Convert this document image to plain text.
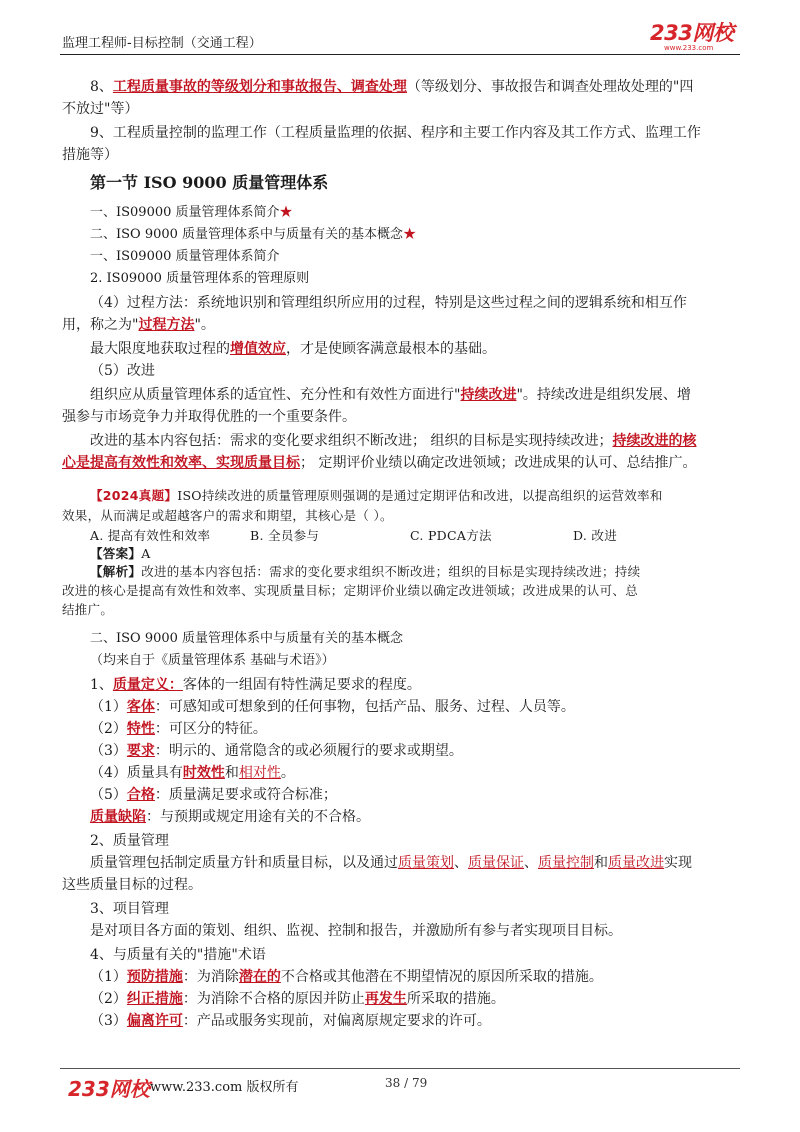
监理工程师-目标控制（交通工程）	233网校
www.233.com
8、工程质量事故的等级划分和事故报告、调查处理（等级划分、事故报告和调查处理故处理的"四
不放过"等）
9、工程质量控制的监理工作（工程质量监理的依据、程序和主要工作内容及其工作方式、监理工作
措施等）
第一节 ISO 9000 质量管理体系
一、IS09000 质量管理体系简介★
二、ISO 9000 质量管理体系中与质量有关的基本概念★
一、IS09000 质量管理体系简介
2. IS09000 质量管理体系的管理原则
（4）过程方法：系统地识别和管理组织所应用的过程，特别是这些过程之间的逻辑系统和相互作
用，称之为"过程方法"。
最大限度地获取过程的增值效应，才是使顾客满意最根本的基础。
（5）改进
组织应从质量管理体系的适宜性、充分性和有效性方面进行"持续改进"。持续改进是组织发展、增
强参与市场竞争力并取得优胜的一个重要条件。
改进的基本内容包括：需求的变化要求组织不断改进； 组织的目标是实现持续改进；持续改进的核
心是提高有效性和效率、实现质量目标； 定期评价业绩以确定改进领域；改进成果的认可、总结推广。
【2024真题】ISO持续改进的质量管理原则强调的是通过定期评估和改进，以提高组织的运营效率和
效果，从而满足或超越客户的需求和期望，其核心是（ ）。
A. 提高有效性和效率	B. 全员参与	C. PDCA方法	D. 改进
【答案】A
【解析】改进的基本内容包括：需求的变化要求组织不断改进；组织的目标是实现持续改进；持续
改进的核心是提高有效性和效率、实现质量目标；定期评价业绩以确定改进领域；改进成果的认可、总
结推广。
二、ISO 9000 质量管理体系中与质量有关的基本概念
（均来自于《质量管理体系 基础与术语》）
1、质量定义：客体的一组固有特性满足要求的程度。
（1）客体：可感知或可想象到的任何事物，包括产品、服务、过程、人员等。
（2）特性：可区分的特征。
（3）要求：明示的、通常隐含的或必须履行的要求或期望。
（4）质量具有时效性和相对性。
（5）合格：质量满足要求或符合标准；
质量缺陷：与预期或规定用途有关的不合格。
2、质量管理
质量管理包括制定质量方针和质量目标，以及通过质量策划、质量保证、质量控制和质量改进实现
这些质量目标的过程。
3、项目管理
是对项目各方面的策划、组织、监视、控制和报告，并激励所有参与者实现项目目标。
4、与质量有关的"措施"术语
（1）预防措施：为消除潜在的不合格或其他潜在不期望情况的原因所采取的措施。
（2）纠正措施：为消除不合格的原因并防止再发生所采取的措施。
（3）偏离许可：产品或服务实现前，对偏离原规定要求的许可。
233网校 www.233.com 版权所有	38 / 79
